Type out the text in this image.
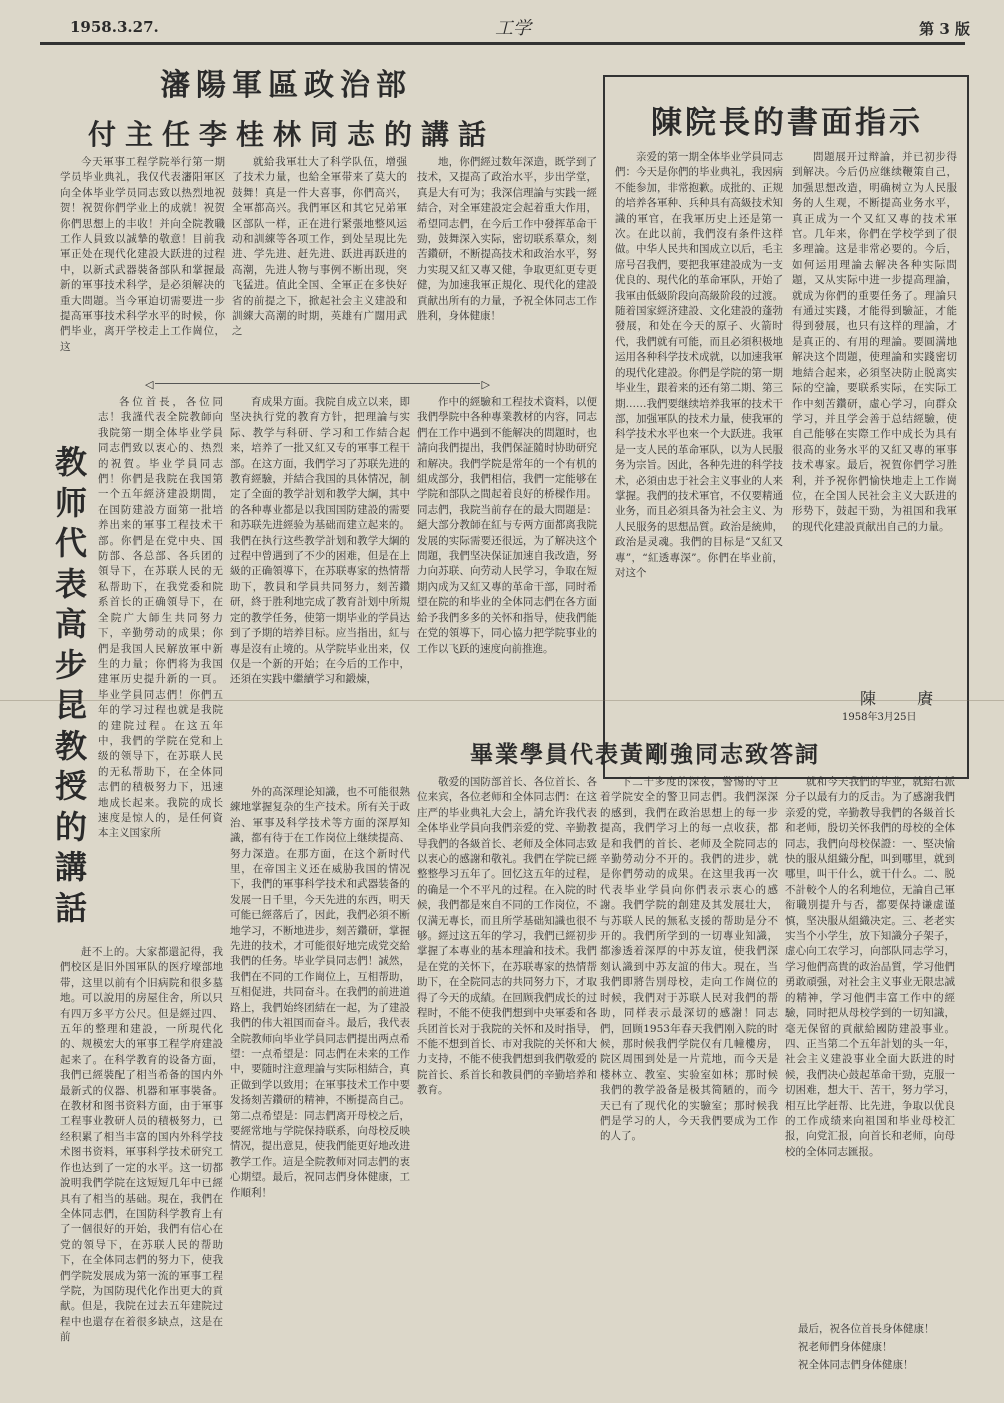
1958.3.27.	工学	第 3 版
瀋陽軍區政治部
付主任李桂林同志的講話

今天軍事工程学院举行第一期学员毕业典礼，我仅代表瀋阳軍区向全体毕业学员同志致以热烈地祝贺！祝贺你們学业上的成就！祝贺你們思想上的丰收！并向全院教職工作人員致以誠摯的敬意！目前我軍正处在现代化建設大跃进的过程中，以新式武器裝备部队和掌握最新的軍事技术科学，是必須解决的重大問題。当今軍迫切需要进一步提高軍事技术科学水平的时候，你們毕业，离开学校走上工作崗位，这

就給我軍壮大了科学队伍，增强了技术力量，也給全軍带来了莫大的鼓舞！真是一件大喜事，你們高兴，全軍都高兴。我們軍区和其它兄弟軍区部队一样，正在进行紧張地整风运动和訓練等各项工作，到处呈現比先进、学先进、赶先进、跃进再跃进的高潮，先进人物与事例不断出现，突飞猛进。值此全国、全軍正在多快好省的前提之下，掀起社会主义建設和訓練大高潮的时期，英雄有广闊用武之

地，你們經过数年深造，既学到了技术，又提高了政治水平，步出学堂，真是大有可为；我深信理論与实践一經結合，对全軍建設定会起着重大作用，希望同志們，在今后工作中發挥革命干勁，鼓舞深入实际，密切联系羣众，刻苦鑽研，不断提高技术和政治水平，努力实現又紅又專又健，争取更紅更专更健，为加速我軍正規化、現代化的建設貢献出所有的力量，予祝全体同志工作胜利，身体健康！

◁	▷
教师代表高步昆教授的講話

各位首長，各位同志！我謹代表全院教師向我院第一期全体毕业学員同志們致以衷心的、热烈的祝賀。毕业学員同志們！你們是我院在我国第一个五年經济建設期間，在国防建設方面第一批培养出来的軍事工程技术干部。你們是在党中央、国防部、各总部、各兵团的領导下，在苏联人民的无私帮助下，在我党委和院系首长的正确領导下，在全院广大師生共同努力下，辛勤勞动的成果；你們是我国人民解放軍中新生的力量；你們将为我国建軍历史提升新的一頁。毕业学員同志們！你們五年的学习过程也就是我院的建院过程。在这五年中，我們的学院在党和上级的领导下，在苏联人民的无私帮助下，在全体同志們的積极努力下，迅速地成长起来。我院的成长速度是惊人的，是任何資本主义国家所

赶不上的。大家都還記得，我們校区是旧外国軍队的医疗壕部地带，这里以前有个旧病院和很多墓地。可以說用的房屋住舍，所以只有四万多平方公尺。但是經过四、五年的整理和建設，一所現代化的、规模宏大的軍事工程学府建設起来了。在科学教育的设备方面，我們已經裝配了相当希备的国内外最新式的仪器、机器和軍事裝备。在教材和图书资料方面，由于軍事工程事业教研人员的積极努力，已经积累了相当丰富的国内外科学技术图书资料，軍事科学技术研究工作也达到了一定的水平。这一切都說明我們学院在这短短几年中已經具有了相当的基础。現在，我們在全体同志們，在国防科学教育上有了一個很好的开始，我們有信心在党的領导下，在苏联人民的帮助下，在全体同志們的努力下，使我們学院发展成为第一流的軍事工程学院，为国防現代化作出更大的貢献。但是，我院在过去五年建院过程中也還存在着很多缺点，这是在前

育成果方面。我院自成立以来，即坚决执行党的教育方针，把理論与实际、教学与科研、学习和工作結合起来，培养了一批又紅又专的軍事工程干部。在这方面，我們学习了苏联先进的教育經驗，并結合我国的具体情况，制定了全面的教学計划和教学大綱，其中的各种專业都是以我国国防建設的需要和苏联先进經验为基础而建立起来的。我們在执行这些教学計划和教学大綱的过程中曾遇到了不少的困难，但是在上級的正确領導下，在苏联專家的热情帮助下，教員和学員共同努力，刻苦鑽研，終于胜利地完成了教育計划中所規定的教学任务，使第一期毕业的学員达到了予期的培养目标。应当指出，紅与專是沒有止境的。从学院毕业出来，仅仅是一个新的开始；在今后的工作中，还須在实践中繼續学习和鍛煉，

外的高深理论知識，也不可能很熟練地掌握复杂的生产技术。所有关于政治、軍事及科学技术等方面的深厚知識，都有待于在工作岗位上继续提高、努力深造。在那方面，在这个新时代里，在帝国主义还在威胁我国的情况下，我們的軍事科学技术和武器装备的发展一日千里，今天先进的东西，明天可能已經落后了，因此，我們必須不断地学习，不断地进步，刻苦鑽研，掌握先进的技术，才可能很好地完成党交給我們的任务。毕业学員同志們！誠然，我們在不同的工作崗位上，互相帮助，互相促进，共同奋斗。在我們的前进道路上，我們始终团結在一起，为了建設我們的伟大祖国而奋斗。最后，我代表全院教师向毕业学員同志們提出两点希望：一点希望是：同志們在未来的工作中，要随时注意理論与实际相結合，真正做到学以致用；在軍事技术工作中要发扬刻苦鑽研的精神，不断提高自己。第二点希望是：同志們离开母校之后，要經常地与学院保持联系，向母校反映情况，提出意見，使我們能更好地改进教学工作。這是全院教师对同志們的衷心期望。最后，祝同志們身体健康，工作順利！

作中的經驗和工程技术資料，以便我們學院中各种專業教材的内容，同志們在工作中遇到不能解决的問題时，也請向我們提出，我們保証隨时协助研究和解决。我們学院是常年的一个有机的組成部分，我們相信，我們一定能够在学院和部队之間起着良好的桥樑作用。同志們，我院当前存在的最大問題是：絕大部分教師在紅与专两方面都离我院发展的实际需要还很远，为了解决这个問題，我們坚决保证加速自我改造，努力向苏联、向劳动人民学习，争取在短期內成为又紅又專的革命干部，同时希望在院的和毕业的全体同志們在各方面給予我們多多的关怀和指导，使我們能在党的領導下，同心協力把学院事业的工作以飞跃的速度向前推進。

陳院長的書面指示

亲爱的第一期全体毕业学員同志們：今天是你們的毕业典礼，我因病不能参加，非常抱歉。成批的、正规的培养各軍种、兵种具有高級技术知識的軍官，在我軍历史上还是第一次。在此以前，我們沒有条件这样做。中华人民共和国成立以后，毛主席号召我們，要把我軍建設成为一支优良的、現代化的革命軍队，开始了我軍由低級阶段向高級阶段的过渡。随着国家經济建設、文化建設的蓬勃發展，和处在今天的原子、火箭时代，我們就有可能，而且必須积极地运用各种科学技术成就，以加速我軍的現代化建設。你們是学院的第一期毕业生，跟着来的还有第二期、第三期……我們要继续培养我軍的技术干部，加强軍队的技术力量，使我軍的科学技术水平也來一个大跃进。我軍是一支人民的革命軍队，以为人民服务为宗旨。因此，各种先进的科学技术，必須由忠于社会主义事业的人来掌握。我們的技术軍官，不仅要精通业务，而且必須具备为社会主义、为人民服务的思想品質。政治是統帅，政治是灵魂。我們的目标是“又紅又專”，“紅透專深”。你們在毕业前，对这个

問題展开过辩論，并已初步得到解决。今后仍应继续鞭策自己，加强思想改造，明确树立为人民服务的人生观，不断提高业务水平，真正成为一个又紅又專的技术軍官。几年来，你們在学校学到了很多理論。这是非常必要的。今后，如何运用理論去解决各种实际問題，又从实际中进一步提高理論，就成为你們的重要任务了。理論只有通过实踐，才能得到驗証，才能得到發展，也只有这样的理論，才是真正的、有用的理論。要圓满地解决这个問題，使理論和实踐密切地結合起来，必須坚决防止脱离实际的空論，要联系实际，在实际工作中刻苦鑽研，虛心学习，向群众学习，并且学会善于总结經驗，使自己能够在实際工作中成长为具有很高的业务水平的又紅又專的軍事技术專家。最后，祝賀你們学习胜利，并予祝你們愉快地走上工作崗位，在全国人民社会主义大跃进的形势下，鼓起干勁，为祖国和我軍的现代化建設貢献出自己的力量。

陳 賡
1958年3月25日
畢業學員代表黃剛強同志致答詞

敬爱的国防部首长、各位首长、各位来宾，各位老师和全体同志們：在这庄严的毕业典礼大会上，請允许我代表全体毕业学員向我們亲爱的党、辛勤教导我們的各級首长、老师及全体同志致以衷心的感謝和敬礼。我們在学院已經整整學习五年了。回忆这五年的过程，的确是一个不平凡的过程。在入院的时候，我們都是來自不同的工作岗位，不仅满无專长，而且所学基础知識也很不够。經过这五年的学习，我們已經初步掌握了本專业的基本理論和技术。我們是在党的关怀下，在苏联專家的热情帮助下，在全院同志的共同努力下，才取得了今天的成績。在回顾我們成长的过程时，不能不使我們想到中央軍委和各兵团首长对于我院的关怀和及时指导，不能不想到首长、市对我院的关怀和大力支持，不能不使我們想到我們敬爱的院首长、系首长和教員們的辛勤培养和教育。

下二十多度的深夜，警惕的守卫着学院安全的警卫同志們。我們深深的感到，我們在政治思想上的每一步提高，我們学习上的每一点收获，都是和我們的首长、老师及全院同志的辛勤勞动分不开的。我們的进步，就是你們勞动的成果。在这里我再一次代表毕业学員向你們表示衷心的感謝。我們学院的創建及其发展壮大，与苏联人民的無私支援的帮助是分不开的。我們所学到的一切專业知識，都渗透着深厚的中苏友谊，使我們深刻认識到中苏友誼的伟大。現在，当我們即將告別母校，走向工作崗位的时候，我們对于苏联人民对我們的帮助，同样表示最深切的感謝！同志們，回顾1953年春天我們刚入院的时候，那时候我們学院仅有几幢樓房，院区周围到处是一片荒地，而今天是楼林立、教室、实验室如林；那时候我們的教学設备是极其简陋的，而今天已有了现代化的实驗室；那时候我們是学习的人，今天我們要成为工作的人了。

就和今天我們的毕业，就給右派分子以最有力的反击。为了感謝我們亲爱的党，辛勤教导我們的各級首长和老师，殷切关怀我們的母校的全体同志，我們向母校保證：一、堅决愉快的服从組織分配，叫到哪里，就到哪里，叫干什么，就干什么。二、脱不計較个人的名利地位，无論自己軍衔職別提升与否，都要保持谦虚谨慎，坚决服从組織决定。三、老老实实当个小学生，放下知識分子架子，虚心向工农学习，向部队同志学习，学习他們高貴的政治品質，学习他們勇敢頑强，对社会主义事业无限忠誠的精神，学习他們丰富工作中的經驗，同时把从母校学到的一切知識，毫无保留的貢献給國防建設事业。四、正当第二个五年計划的头一年，社会主义建設事业全面大跃进的时候，我們决心鼓起革命干勁，克服一切困难，想大干、苦干，努力学习，相互比学赶帮、比先进，争取以优良的工作成绩来向祖国和毕业母校汇报，向党汇报，向首长和老师，向母校的全体同志匯报。

最后，祝各位首長身体健康！
祝老师們身体健康！
祝全体同志們身体健康！
